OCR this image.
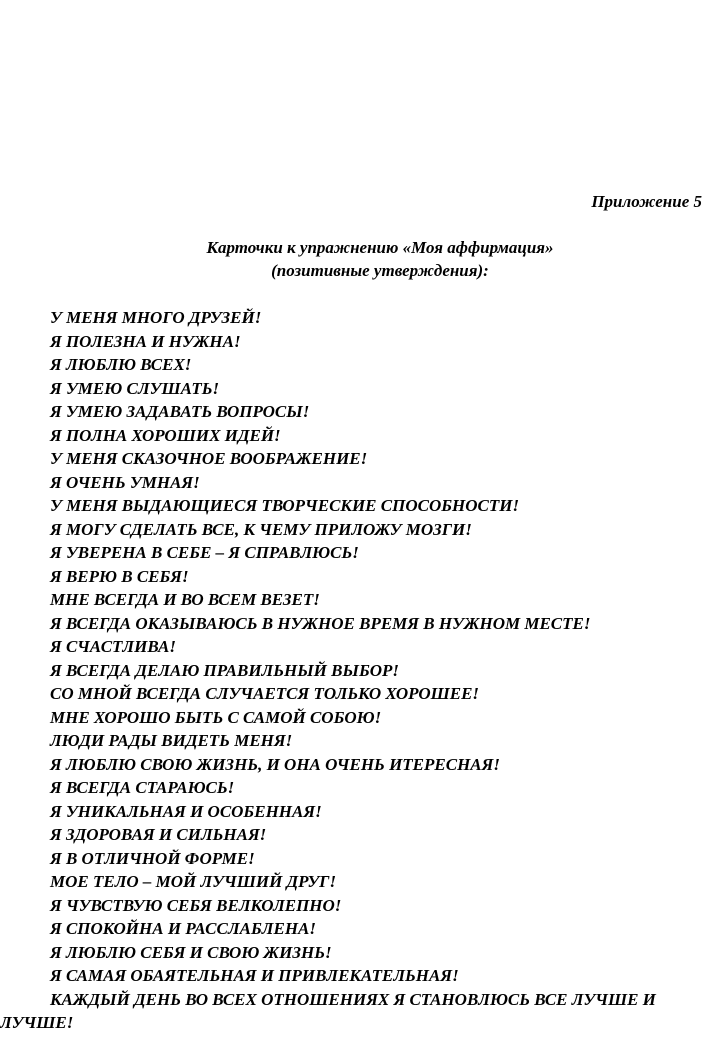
Приложение 5
Карточки к упражнению «Моя аффирмация»
(позитивные утверждения):
У МЕНЯ МНОГО ДРУЗЕЙ!
Я ПОЛЕЗНА И НУЖНА!
Я ЛЮБЛЮ ВСЕХ!
Я УМЕЮ СЛУШАТЬ!
Я УМЕЮ ЗАДАВАТЬ ВОПРОСЫ!
Я ПОЛНА ХОРОШИХ ИДЕЙ!
У МЕНЯ СКАЗОЧНОЕ ВООБРАЖЕНИЕ!
Я ОЧЕНЬ УМНАЯ!
У МЕНЯ ВЫДАЮЩИЕСЯ ТВОРЧЕСКИЕ СПОСОБНОСТИ!
Я МОГУ СДЕЛАТЬ ВСЕ, К ЧЕМУ ПРИЛОЖУ МОЗГИ!
Я УВЕРЕНА В СЕБЕ – Я СПРАВЛЮСЬ!
Я ВЕРЮ В СЕБЯ!
МНЕ ВСЕГДА И ВО ВСЕМ ВЕЗЕТ!
Я ВСЕГДА ОКАЗЫВАЮСЬ В НУЖНОЕ ВРЕМЯ В НУЖНОМ МЕСТЕ!
Я СЧАСТЛИВА!
Я ВСЕГДА ДЕЛАЮ ПРАВИЛЬНЫЙ ВЫБОР!
СО МНОЙ ВСЕГДА СЛУЧАЕТСЯ ТОЛЬКО ХОРОШЕЕ!
МНЕ ХОРОШО БЫТЬ С САМОЙ СОБОЮ!
ЛЮДИ РАДЫ ВИДЕТЬ МЕНЯ!
Я ЛЮБЛЮ СВОЮ ЖИЗНЬ, И ОНА ОЧЕНЬ ИТЕРЕСНАЯ!
Я ВСЕГДА СТАРАЮСЬ!
Я УНИКАЛЬНАЯ И ОСОБЕННАЯ!
Я ЗДОРОВАЯ И СИЛЬНАЯ!
Я В ОТЛИЧНОЙ ФОРМЕ!
МОЕ ТЕЛО – МОЙ ЛУЧШИЙ ДРУГ!
Я ЧУВСТВУЮ СЕБЯ ВЕЛКОЛЕПНО!
Я СПОКОЙНА И РАССЛАБЛЕНА!
Я ЛЮБЛЮ СЕБЯ И СВОЮ ЖИЗНЬ!
Я САМАЯ ОБАЯТЕЛЬНАЯ И ПРИВЛЕКАТЕЛЬНАЯ!
КАЖДЫЙ ДЕНЬ ВО ВСЕХ ОТНОШЕНИЯХ Я СТАНОВЛЮСЬ ВСЕ ЛУЧШЕ И ЛУЧШЕ!
